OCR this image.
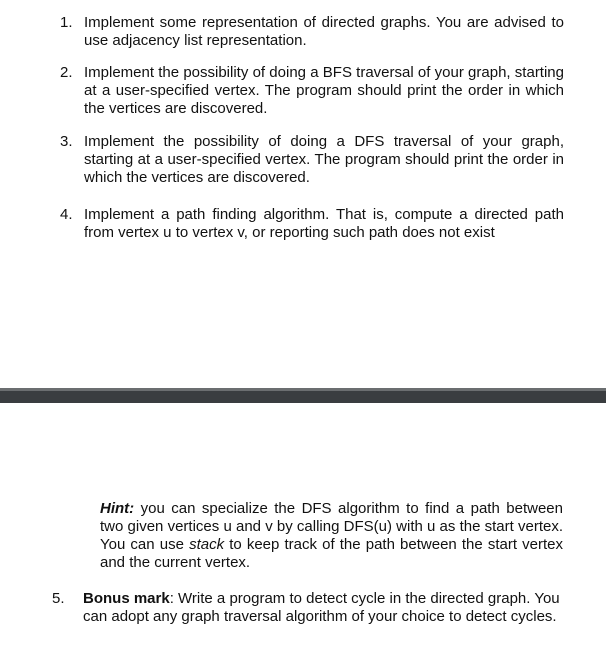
1. Implement some representation of directed graphs. You are advised to use adjacency list representation.
2. Implement the possibility of doing a BFS traversal of your graph, starting at a user-specified vertex. The program should print the order in which the vertices are discovered.
3. Implement the possibility of doing a DFS traversal of your graph, starting at a user-specified vertex. The program should print the order in which the vertices are discovered.
4. Implement a path finding algorithm. That is, compute a directed path from vertex u to vertex v, or reporting such path does not exist
Hint: you can specialize the DFS algorithm to find a path between two given vertices u and v by calling DFS(u) with u as the start vertex. You can use stack to keep track of the path between the start vertex and the current vertex.
5. Bonus mark: Write a program to detect cycle in the directed graph. You can adopt any graph traversal algorithm of your choice to detect cycles.
